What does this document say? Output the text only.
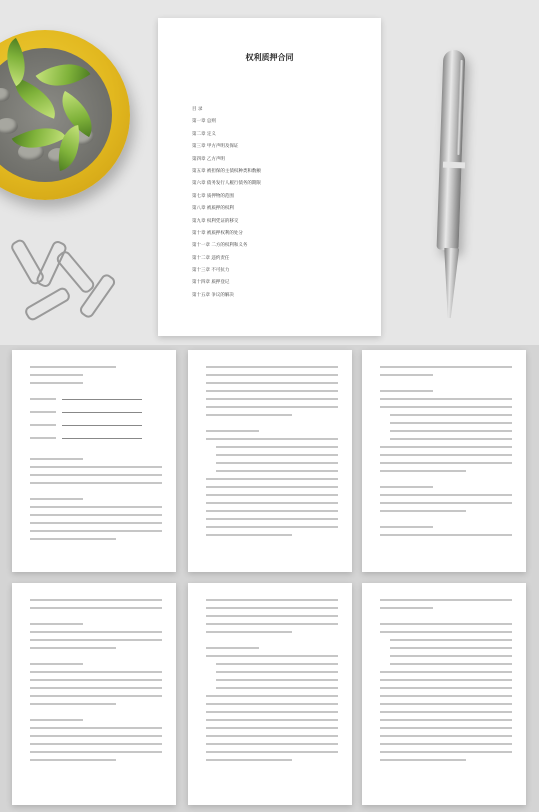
权利质押合同
目 录
第一章 总则
第二章 定义
第三章 甲方声明及保证
第四章 乙方声明
第五章 被担保的主债权种类和数额
第六章 债务发行人履行债务的期限
第七章 质押物的范围
第八章 被质押的权利
第九章 权利凭证的移交
第十章 被质押权利的处分
第十一章 二方的权利和义务
第十二章 违约责任
第十三章 不可抗力
第十四章 质押登记
第十五章 争议的解决
